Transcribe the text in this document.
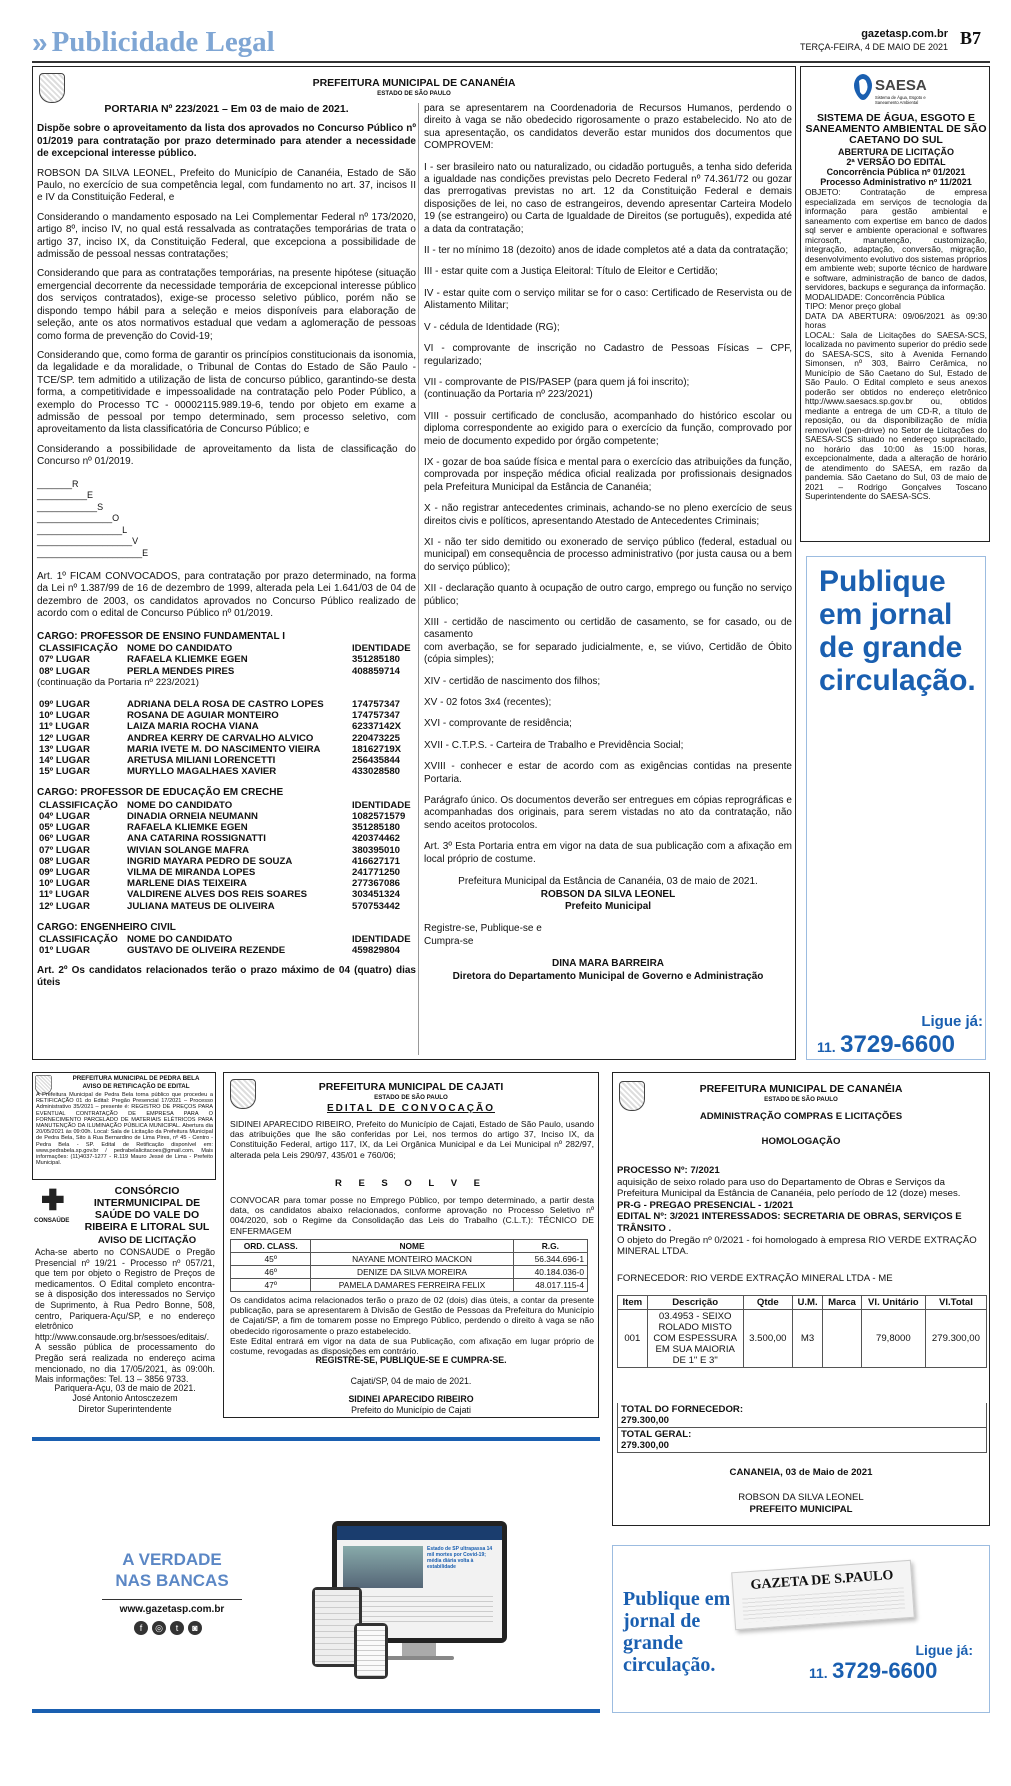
» Publicidade Legal	gazetasp.com.br
TERÇA-FEIRA, 4 DE MAIO DE 2021 B7
PREFEITURA MUNICIPAL DE CANANÉIA
ESTADO DE SÃO PAULO
PORTARIA Nº 223/2021 – Em 03 de maio de 2021.

Dispõe sobre o aproveitamento da lista dos aprovados no Concurso Público nº 01/2019 para contratação por prazo determinado para atender a necessidade de excepcional interesse público.

ROBSON DA SILVA LEONEL, Prefeito do Município de Cananéia, Estado de São Paulo, no exercício de sua competência legal, com fundamento no art. 37, incisos II e IV da Constituição Federal, e

Considerando o mandamento esposado na Lei Complementar Federal nº 173/2020, artigo 8º, inciso IV, no qual está ressalvada as contratações temporárias de trata o artigo 37, inciso IX, da Constituição Federal, que excepciona a possibilidade de admissão de pessoal nessas contratações;

Considerando que para as contratações temporárias, na presente hipótese (situação emergencial decorrente da necessidade temporária de excepcional interesse público dos serviços contratados), exige-se processo seletivo público, porém não se dispondo tempo hábil para a seleção e meios disponíveis para elaboração de seleção, ante os atos normativos estadual que vedam a aglomeração de pessoas como forma de prevenção do Covid-19;

Considerando que, como forma de garantir os princípios constitucionais da isonomia, da legalidade e da moralidade, o Tribunal de Contas do Estado de São Paulo - TCE/SP. tem admitido a utilização de lista de concurso público, garantindo-se desta forma, a competitividade e impessoalidade na contratação pelo Poder Público, a exemplo do Processo TC - 00002115.989.19-6, tendo por objeto em exame a admissão de pessoal por tempo determinado, sem processo seletivo, com aproveitamento da lista classificatória de Concurso Público; e

Considerando a possibilidade de aproveitamento da lista de classificação do Concurso nº 01/2019.

_______R
__________E
____________S
_______________O
_________________L
___________________V
_____________________E

Art. 1º FICAM CONVOCADOS, para contratação por prazo determinado, na forma da Lei nº 1.387/99 de 16 de dezembro de 1999, alterada pela Lei 1.641/03 de 04 de dezembro de 2003, os candidatos aprovados no Concurso Público realizado de acordo com o edital de Concurso Público nº 01/2019.

CARGO: PROFESSOR DE ENSINO FUNDAMENTAL I
CLASSIFICAÇÃO	NOME DO CANDIDATO	IDENTIDADE
07º LUGAR	RAFAELA KLIEMKE EGEN	351285180
08º LUGAR	PERLA MENDES PIRES	408859714
(continuação da Portaria nº 223/2021)
09º LUGAR	ADRIANA DELA ROSA DE CASTRO LOPES	174757347
10º LUGAR	ROSANA DE AGUIAR MONTEIRO	174757347
11º LUGAR	LAIZA MARIA ROCHA VIANA	62337142X
12º LUGAR	ANDREA KERRY DE CARVALHO ALVICO	220473225
13º LUGAR	MARIA IVETE M. DO NASCIMENTO VIEIRA	18162719X
14º LUGAR	ARETUSA MILIANI LORENCETTI	256435844
15º LUGAR	MURYLLO MAGALHAES XAVIER	433028580
CARGO: PROFESSOR DE EDUCAÇÃO EM CRECHE
CLASSIFICAÇÃO	NOME DO CANDIDATO	IDENTIDADE
04º LUGAR	DINADIA ORNEIA NEUMANN	1082571579
05º LUGAR	RAFAELA KLIEMKE EGEN	351285180
06º LUGAR	ANA CATARINA ROSSIGNATTI	420374462
07º LUGAR	WIVIAN SOLANGE MAFRA	380395010
08º LUGAR	INGRID MAYARA PEDRO DE SOUZA	416627171
09º LUGAR	VILMA DE MIRANDA LOPES	241771250
10º LUGAR	MARLENE DIAS TEIXEIRA	277367086
11º LUGAR	VALDIRENE ALVES DOS REIS SOARES	303451324
12º LUGAR	JULIANA MATEUS DE OLIVEIRA	570753442
CARGO: ENGENHEIRO CIVIL
CLASSIFICAÇÃO	NOME DO CANDIDATO	IDENTIDADE
01º LUGAR	GUSTAVO DE OLIVEIRA REZENDE	459829804
Art. 2º Os candidatos relacionados terão o prazo máximo de 04 (quatro) dias úteis

para se apresentarem na Coordenadoria de Recursos Humanos, perdendo o direito à vaga se não obedecido rigorosamente o prazo estabelecido. No ato de sua apresentação, os candidatos deverão estar munidos dos documentos que COMPROVEM:

I - ser brasileiro nato ou naturalizado, ou cidadão português, a tenha sido deferida a igualdade nas condições previstas pelo Decreto Federal nº 74.361/72 ou gozar das prerrogativas previstas no art. 12 da Constituição Federal e demais disposições de lei, no caso de estrangeiros, devendo apresentar Carteira Modelo 19 (se estrangeiro) ou Carta de Igualdade de Direitos (se português), expedida até a data da contratação;

II - ter no mínimo 18 (dezoito) anos de idade completos até a data da contratação;

III - estar quite com a Justiça Eleitoral: Título de Eleitor e Certidão;

IV - estar quite com o serviço militar se for o caso: Certificado de Reservista ou de Alistamento Militar;

V - cédula de Identidade (RG);

VI - comprovante de inscrição no Cadastro de Pessoas Físicas – CPF, regularizado;

VII - comprovante de PIS/PASEP (para quem já foi inscrito);
(continuação da Portaria nº 223/2021)

VIII - possuir certificado de conclusão, acompanhado do histórico escolar ou diploma correspondente ao exigido para o exercício da função, comprovado por meio de documento expedido por órgão competente;

IX - gozar de boa saúde física e mental para o exercício das atribuições da função, comprovada por inspeção médica oficial realizada por profissionais designados pela Prefeitura Municipal da Estância de Cananéia;

X - não registrar antecedentes criminais, achando-se no pleno exercício de seus direitos civis e políticos, apresentando Atestado de Antecedentes Criminais;

XI - não ter sido demitido ou exonerado de serviço público (federal, estadual ou municipal) em consequência de processo administrativo (por justa causa ou a bem do serviço público);

XII - declaração quanto à ocupação de outro cargo, emprego ou função no serviço público;

XIII - certidão de nascimento ou certidão de casamento, se for casado, ou de casamento
com averbação, se for separado judicialmente, e, se viúvo, Certidão de Óbito (cópia simples);

XIV - certidão de nascimento dos filhos;

XV - 02 fotos 3x4 (recentes);

XVI - comprovante de residência;

XVII - C.T.P.S. - Carteira de Trabalho e Previdência Social;

XVIII - conhecer e estar de acordo com as exigências contidas na presente Portaria.

Parágrafo único. Os documentos deverão ser entregues em cópias reprográficas e acompanhadas dos originais, para serem vistadas no ato da contratação, não sendo aceitos protocolos.

Art. 3º Esta Portaria entra em vigor na data de sua publicação com a afixação em local próprio de costume.

Prefeitura Municipal da Estância de Cananéia, 03 de maio de 2021.
ROBSON DA SILVA LEONEL
Prefeito Municipal
Registre-se, Publique-se e
Cumpra-se
DINA MARA BARREIRA
Diretora do Departamento Municipal de Governo e Administração
SAESA
Sistema de Água, Esgoto e Saneamento Ambiental
SISTEMA DE ÁGUA, ESGOTO E SANEAMENTO AMBIENTAL DE SÃO CAETANO DO SUL
ABERTURA DE LICITAÇÃO
2ª VERSÃO DO EDITAL
Concorrência Pública nº 01/2021
Processo Administrativo nº 11/2021
OBJETO: Contratação de empresa especializada em serviços de tecnologia da informação para gestão ambiental e saneamento com expertise em banco de dados sql server e ambiente operacional e softwares microsoft, manutenção, customização, integração, adaptação, conversão, migração, desenvolvimento evolutivo dos sistemas próprios em ambiente web; suporte técnico de hardware e software, administração de banco de dados, servidores, backups e segurança da informação.
MODALIDADE: Concorrência Pública
TIPO: Menor preço global
DATA DA ABERTURA: 09/06/2021 às 09:30 horas
LOCAL: Sala de Licitações do SAESA-SCS, localizada no pavimento superior do prédio sede do SAESA-SCS, sito à Avenida Fernando Simonsen, nº 303, Bairro Cerâmica, no Município de São Caetano do Sul, Estado de São Paulo. O Edital completo e seus anexos poderão ser obtidos no endereço eletrônico http://www.saesacs.sp.gov.br ou, obtidos mediante a entrega de um CD-R, a título de reposição, ou da disponibilização de mídia removível (pen-drive) no Setor de Licitações do SAESA-SCS situado no endereço supracitado, no horário das 10:00 às 15:00 horas, excepcionalmente, dada a alteração de horário de atendimento do SAESA, em razão da pandemia. São Caetano do Sul, 03 de maio de 2021 – Rodrigo Gonçalves Toscano Superintendente do SAESA-SCS.
Publique em jornal de grande circulação.
Ligue já:
11. 3729-6600
PREFEITURA MUNICIPAL DE PEDRA BELA
AVISO DE RETIFICAÇÃO DE EDITAL
A Prefeitura Municipal de Pedra Bela torna público que procedeu a RETIFICAÇÃO 01 do Edital: Pregão Presencial 17/2021 – Processo Administrativo 35/2021 – presente é: REGISTRO DE PREÇOS PARA EVENTUAL CONTRATAÇÃO DE EMPRESA PARA O FORNECIMENTO PARCELADO DE MATERIAIS ELÉTRICOS PARA MANUTENÇÃO DA ILUMINAÇÃO PÚBLICA MUNICIPAL. Abertura dia 20/05/2021 às 09:00h. Local: Sala de Licitação da Prefeitura Municipal de Pedra Bela, Sito à Rua Bernardino de Lima Pires, nº 45 - Centro - Pedra Bela - SP. Edital de Retificação disponível em: www.pedrabela.sp.gov.br / pedrabelalicitacoes@gmail.com. Mais informações: (11)4037-1277 - R.119 Mauro Jessé de Lima - Prefeito Municipal.
CONSAÚDE
CONSÓRCIO INTERMUNICIPAL DE SAÚDE DO VALE DO RIBEIRA E LITORAL SUL
AVISO DE LICITAÇÃO
Acha-se aberto no CONSAUDE o Pregão Presencial nº 19/21 - Processo nº 057/21, que tem por objeto o Registro de Preços de medicamentos. O Edital completo encontra-se à disposição dos interessados no Serviço de Suprimento, à Rua Pedro Bonne, 508, centro, Pariquera-Açu/SP, e no endereço eletrônico http://www.consaude.org.br/sessoes/editais/. A sessão pública de processamento do Pregão será realizada no endereço acima mencionado, no dia 17/05/2021, às 09:00h. Mais informações: Tel. 13 – 3856 9733.
Pariquera-Açu, 03 de maio de 2021.
José Antonio Antosczezem
Diretor Superintendente
PREFEITURA MUNICIPAL DE CAJATI
ESTADO DE SÃO PAULO
EDITAL DE CONVOCAÇÃO
SIDINEI APARECIDO RIBEIRO, Prefeito do Município de Cajati, Estado de São Paulo, usando das atribuições que lhe são conferidas por Lei, nos termos do artigo 37, Inciso IX, da Constituição Federal, artigo 117, IX, da Lei Orgânica Municipal e da Lei Municipal nº 282/97, alterada pela Leis 290/97, 435/01 e 760/06;
R E S O L V E
CONVOCAR para tomar posse no Emprego Público, por tempo determinado, a partir desta data, os candidatos abaixo relacionados, conforme aprovação no Processo Seletivo nº 004/2020, sob o Regime da Consolidação das Leis do Trabalho (C.L.T.): TÉCNICO DE ENFERMAGEM
ORD. CLASS.	NOME	R.G.
45º	NAYANE MONTEIRO MACKON	56.344.696-1
46º	DENIZE DA SILVA MOREIRA	40.184.036-0
47º	PAMELA DAMARES FERREIRA FELIX	48.017.115-4
Os candidatos acima relacionados terão o prazo de 02 (dois) dias úteis, a contar da presente publicação, para se apresentarem à Divisão de Gestão de Pessoas da Prefeitura do Município de Cajati/SP, a fim de tomarem posse no Emprego Público, perdendo o direito à vaga se não obedecido rigorosamente o prazo estabelecido.
Este Edital entrará em vigor na data de sua Publicação, com afixação em lugar próprio de costume, revogadas as disposições em contrário.
REGISTRE-SE, PUBLIQUE-SE E CUMPRA-SE.
Cajati/SP, 04 de maio de 2021.
SIDINEI APARECIDO RIBEIRO
Prefeito do Município de Cajati
PREFEITURA MUNICIPAL DE CANANÉIA
ESTADO DE SÃO PAULO
ADMINISTRAÇÃO COMPRAS E LICITAÇÕES
HOMOLOGAÇÃO
PROCESSO Nº: 7/2021
aquisição de seixo rolado para uso do Departamento de Obras e Serviços da Prefeitura Municipal da Estância de Cananéia, pelo período de 12 (doze) meses.
PR-G - PREGAO PRESENCIAL - 1/2021
EDITAL Nº: 3/2021 INTERESSADOS: SECRETARIA DE OBRAS, SERVIÇOS E TRÂNSITO .
O objeto do Pregão nº 0/2021 - foi homologado à empresa RIO VERDE EXTRAÇÃO MINERAL LTDA.
FORNECEDOR: RIO VERDE EXTRAÇÃO MINERAL LTDA - ME
Item	Descrição	Qtde	U.M.	Marca	Vl. Unitário	Vl.Total
001	03.4953 - SEIXO ROLADO MISTO COM ESPESSURA EM SUA MAIORIA DE 1" E 3"	3.500,00	M3		79,8000	279.300,00
TOTAL DO FORNECEDOR:
279.300,00
TOTAL GERAL:
279.300,00
CANANEIA, 03 de Maio de 2021
ROBSON DA SILVA LEONEL
PREFEITO MUNICIPAL
A VERDADE NAS BANCAS
www.gazetasp.com.br
f	◎	t	◙
Estado de SP ultrapassa 14 mil mortes por Covid-19; média diária volta à estabilidade
Publique em jornal de grande circulação.
GAZETA DE S.PAULO
Ligue já:
11. 3729-6600
